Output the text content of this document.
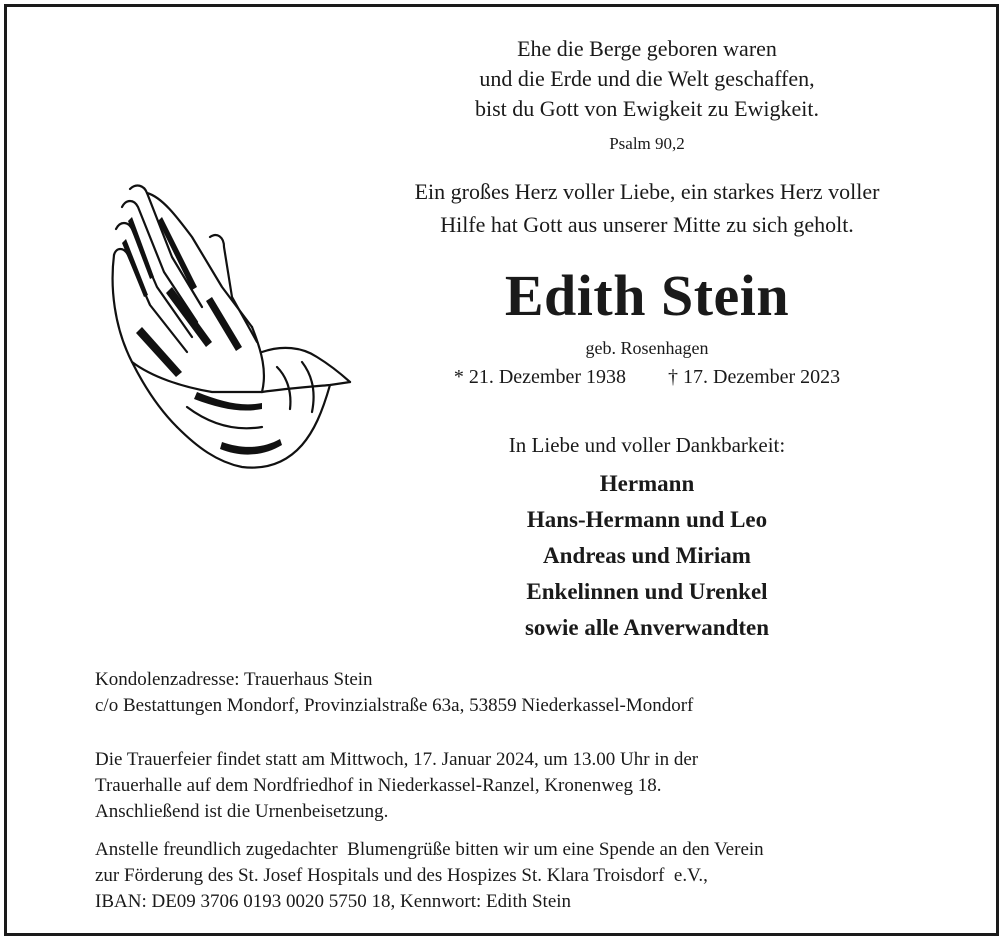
Ehe die Berge geboren waren
und die Erde und die Welt geschaffen,
bist du Gott von Ewigkeit zu Ewigkeit.
Psalm 90,2
Ein großes Herz voller Liebe, ein starkes Herz voller
Hilfe hat Gott aus unserer Mitte zu sich geholt.
Edith Stein
geb. Rosenhagen
* 21. Dezember 1938 † 17. Dezember 2023
In Liebe und voller Dankbarkeit:
Hermann
Hans-Hermann und Leo
Andreas und Miriam
Enkelinnen und Urenkel
sowie alle Anverwandten
Kondolenzadresse: Trauerhaus Stein
c/o Bestattungen Mondorf, Provinzialstraße 63a, 53859 Niederkassel-Mondorf
Die Trauerfeier findet statt am Mittwoch, 17. Januar 2024, um 13.00 Uhr in der
Trauerhalle auf dem Nordfriedhof in Niederkassel-Ranzel, Kronenweg 18.
Anschließend ist die Urnenbeisetzung.
Anstelle freundlich zugedachter  Blumengrüße bitten wir um eine Spende an den Verein
zur Förderung des St. Josef Hospitals und des Hospizes St. Klara Troisdorf  e.V.,
IBAN: DE09 3706 0193 0020 5750 18, Kennwort: Edith Stein
